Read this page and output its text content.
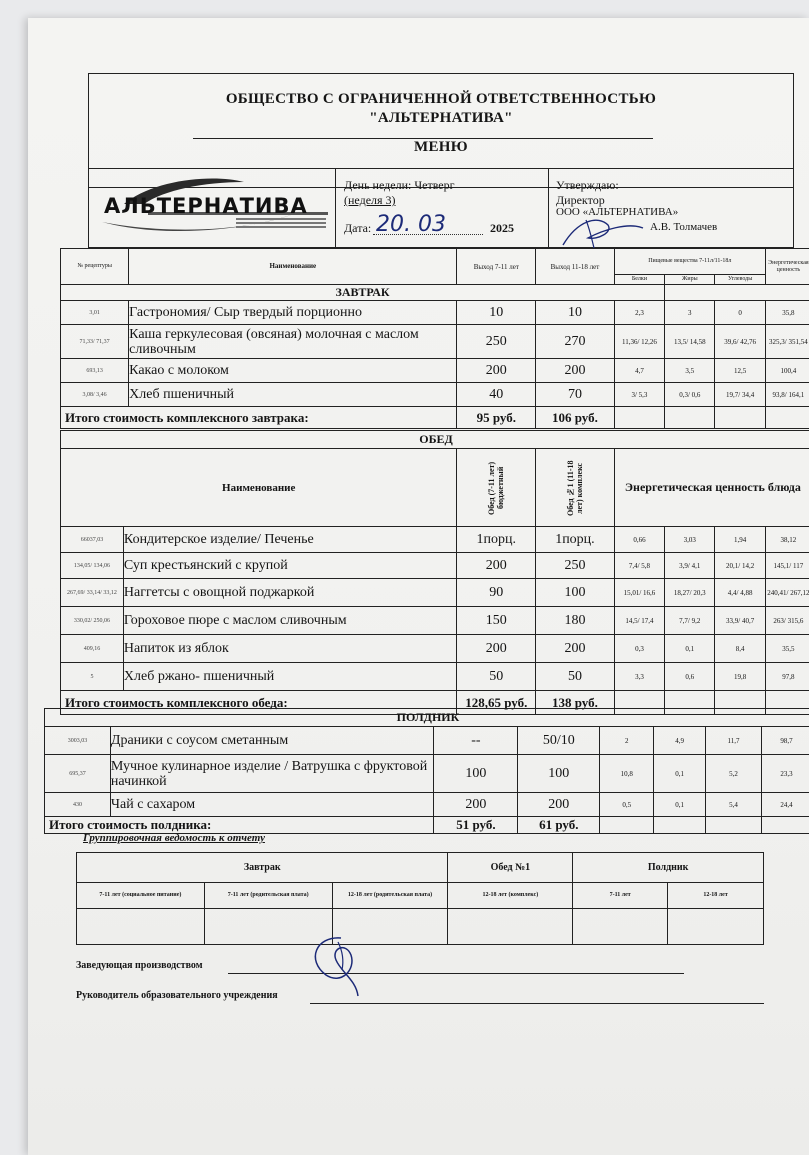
ОБЩЕСТВО С ОГРАНИЧЕННОЙ ОТВЕТСТВЕННОСТЬЮ
"АЛЬТЕРНАТИВА"
МЕНЮ
АЛЬТЕРНАТИВА
День недели: Четверг
(неделя 3)
Дата: 20. 03	2025
Утверждаю:
Директор
ООО «АЛЬТЕРНАТИВА»
А.В. Толмачев
№ рецептуры	Наименование	Выход 7-11 лет	Выход 11-18 лет	Пищевые вещества 7-11л/11-18л			Энергетическая ценность
				Белки	Жиры	Углеводы	
ЗАВТРАК							
3,01	Гастрономия/ Сыр твердый порционно	10	10	2,3	3	0	35,8
71,33/ 71,37	Каша геркулесовая (овсяная) молочная с маслом сливочным	250	270	11,36/ 12,26	13,5/ 14,58	39,6/ 42,76	325,3/ 351,54
693,13	Какао с молоком	200	200	4,7	3,5	12,5	100,4
3,08/ 3,46	Хлеб пшеничный	40	70	3/ 5,3	0,3/ 0,6	19,7/ 34,4	93,8/ 164,1
Итого стоимость комплексного завтрака:		95 руб.	106 руб.				
ОБЕД							
Наименование		Обед (7-11 лет) бюджетный	Обед №1 (11-18 лет) комплекс	Энергетическая ценность блюда			
66037,03	Кондитерское изделие/ Печенье	1порц.	1порц.	0,66	3,03	1,94	38,12
134,05/ 134,06	Суп крестьянский с крупой	200	250	7,4/ 5,8	3,9/ 4,1	20,1/ 14,2	145,1/ 117
267,69/ 33,14/ 33,12	Наггетсы с овощной поджаркой	90	100	15,01/ 16,6	18,27/ 20,3	4,4/ 4,88	240,41/ 267,12
330,02/ 250,06	Гороховое пюре с маслом сливочным	150	180	14,5/ 17,4	7,7/ 9,2	33,9/ 40,7	263/ 315,6
409,16	Напиток из яблок	200	200	0,3	0,1	8,4	35,5
5	Хлеб ржано- пшеничный	50	50	3,3	0,6	19,8	97,8
Итого стоимость комплексного обеда:		128,65 руб.	138 руб.				
ПОЛДНИК							
3003,03	Драники с соусом сметанным	--	50/10	2	4,9	11,7	98,7
695,37	Мучное кулинарное изделие / Ватрушка с фруктовой начинкой	100	100	10,8	0,1	5,2	23,3
430	Чай с сахаром	200	200	0,5	0,1	5,4	24,4
Итого стоимость полдника:		51 руб.	61 руб.				
Группировочная ведомость к отчету
Завтрак			Обед №1	Полдник	
7-11 лет (социальное питание)	7-11 лет (родительская плата)	12-18 лет (родительская плата)	12-18 лет (комплекс)	7-11 лет	12-18 лет

Заведующая производством
Руководитель образовательного учреждения
